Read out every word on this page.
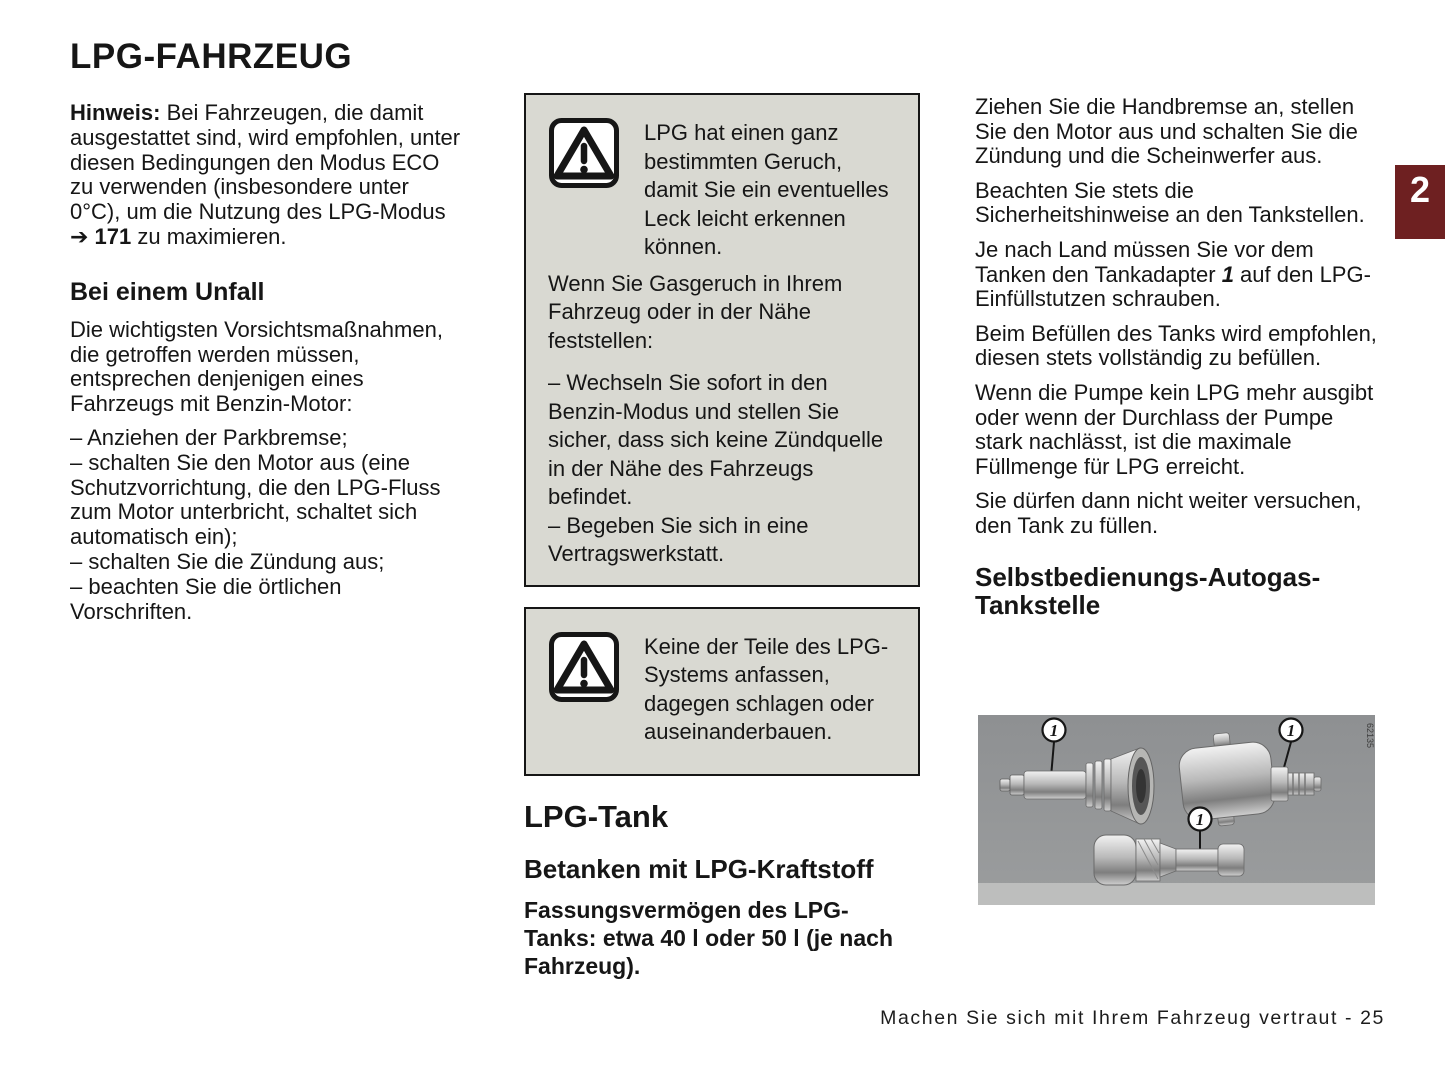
LPG-FAHRZEUG

Hinweis: Bei Fahrzeugen, die damit ausgestattet sind, wird empfohlen, unter diesen Bedingungen den Modus ECO zu verwenden (insbesondere unter 0°C), um die Nutzung des LPG-Modus ➔ 171 zu maximieren.

Bei einem Unfall

Die wichtigsten Vorsichtsmaßnahmen, die getroffen werden müssen, entsprechen denjenigen eines Fahrzeugs mit Benzin-Motor:

– Anziehen der Parkbremse;

– schalten Sie den Motor aus (eine Schutzvorrichtung, die den LPG-Fluss zum Motor unterbricht, schaltet sich automatisch ein);

– schalten Sie die Zündung aus;

– beachten Sie die örtlichen Vorschriften.

LPG hat einen ganz bestimmten Geruch, damit Sie ein eventuelles Leck leicht erkennen können.

Wenn Sie Gasgeruch in Ihrem Fahrzeug oder in der Nähe feststellen:

– Wechseln Sie sofort in den Benzin-Modus und stellen Sie sicher, dass sich keine Zündquelle in der Nähe des Fahrzeugs befindet.

– Begeben Sie sich in eine Vertragswerkstatt.

Keine der Teile des LPG-Systems anfassen, dagegen schlagen oder auseinanderbauen.

LPG-Tank
Betanken mit LPG-Kraftstoff

Fassungsvermögen des LPG-Tanks: etwa 40 l oder 50 l (je nach Fahrzeug).

Ziehen Sie die Handbremse an, stellen Sie den Motor aus und schalten Sie die Zündung und die Scheinwerfer aus.

Beachten Sie stets die Sicherheitshinweise an den Tankstellen.

Je nach Land müssen Sie vor dem Tanken den Tankadapter 1 auf den LPG-Einfüllstutzen schrauben.

Beim Befüllen des Tanks wird empfohlen, diesen stets vollständig zu befüllen.

Wenn die Pumpe kein LPG mehr ausgibt oder wenn der Durchlass der Pumpe stark nachlässt, ist die maximale Füllmenge für LPG erreicht.

Sie dürfen dann nicht weiter versuchen, den Tank zu füllen.

Selbstbedienungs-Autogas-Tankstelle
1	1
1
62135
2
Machen Sie sich mit Ihrem Fahrzeug vertraut - 25
